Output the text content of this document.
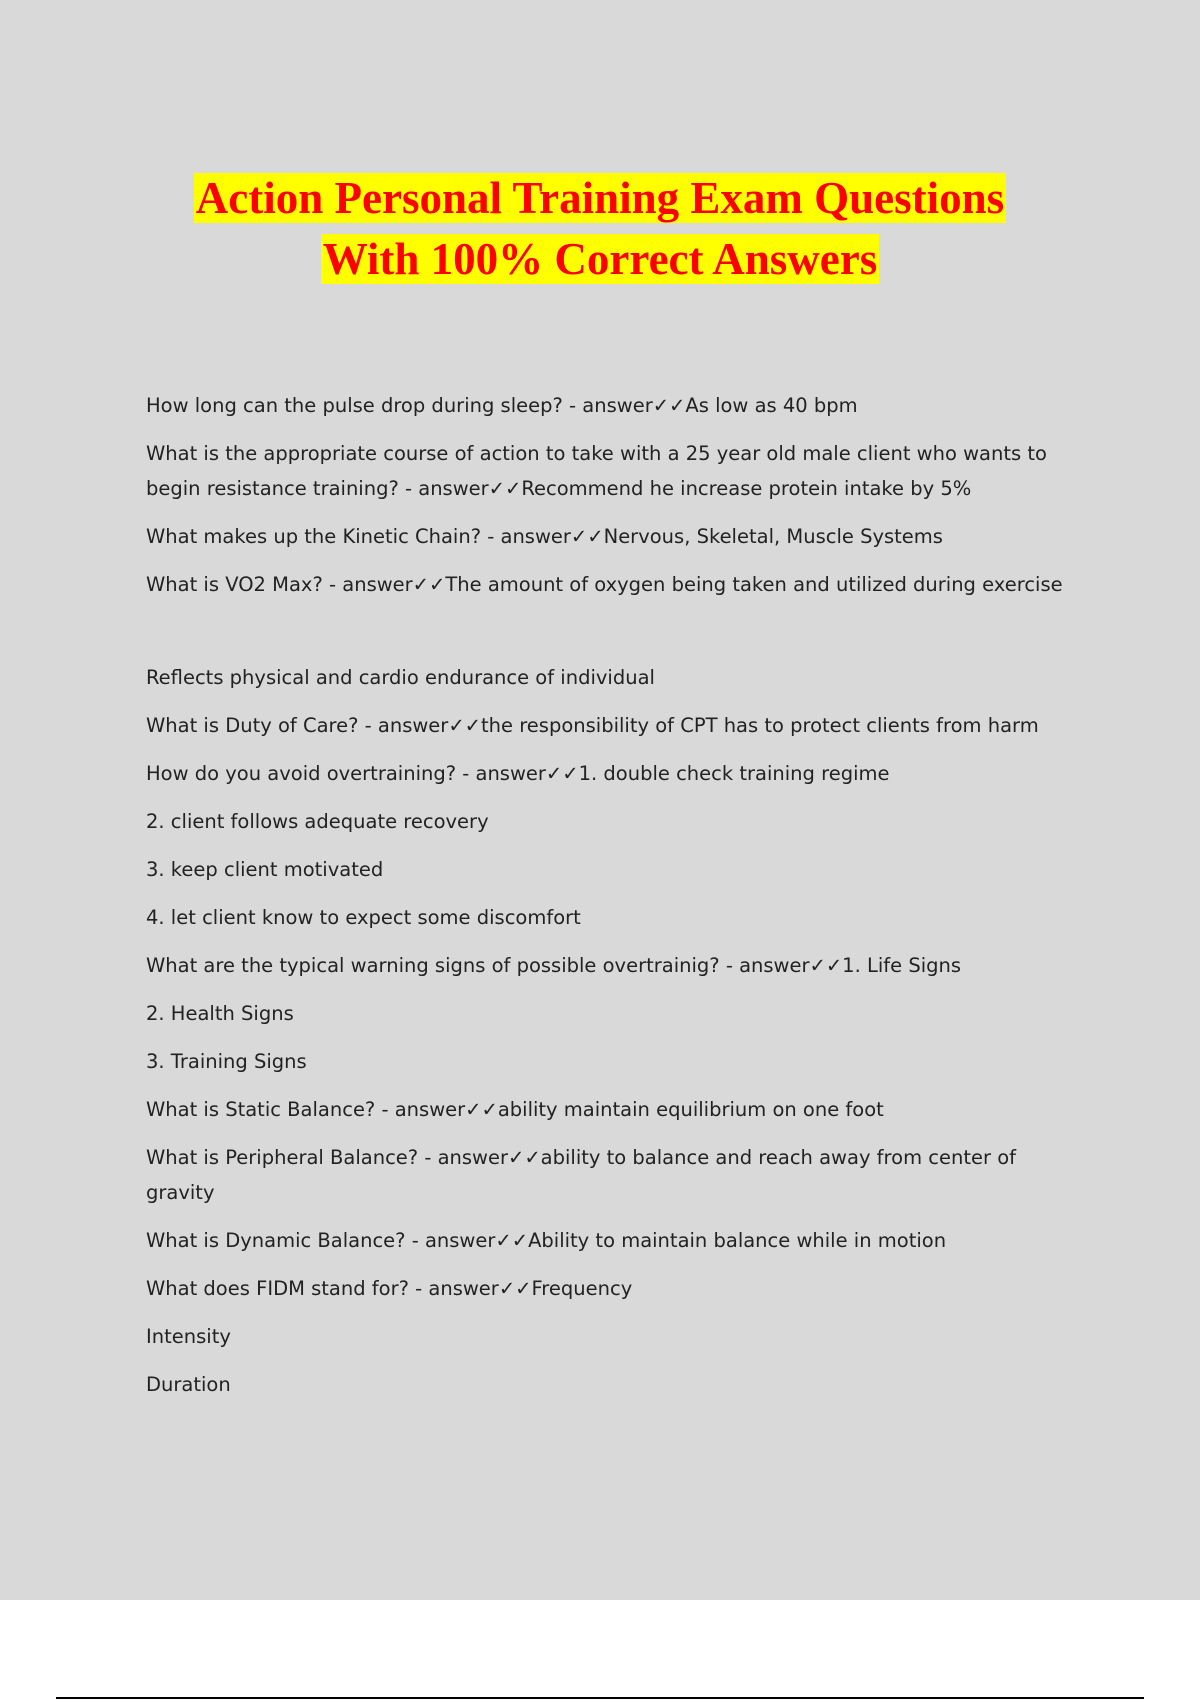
Action Personal Training Exam Questions
With 100% Correct Answers
How long can the pulse drop during sleep? - answer✓✓As low as 40 bpm
What is the appropriate course of action to take with a 25 year old male client who wants to begin resistance training? - answer✓✓Recommend he increase protein intake by 5%
What makes up the Kinetic Chain? - answer✓✓Nervous, Skeletal, Muscle Systems
What is VO2 Max? - answer✓✓The amount of oxygen being taken and utilized during exercise
Reflects physical and cardio endurance of individual
What is Duty of Care? - answer✓✓the responsibility of CPT has to protect clients from harm
How do you avoid overtraining? - answer✓✓1. double check training regime
2. client follows adequate recovery
3. keep client motivated
4. let client know to expect some discomfort
What are the typical warning signs of possible overtrainig? - answer✓✓1. Life Signs
2. Health Signs
3. Training Signs
What is Static Balance? - answer✓✓ability maintain equilibrium on one foot
What is Peripheral Balance? - answer✓✓ability to balance and reach away from center of gravity
What is Dynamic Balance? - answer✓✓Ability to maintain balance while in motion
What does FIDM stand for? - answer✓✓Frequency
Intensity
Duration
